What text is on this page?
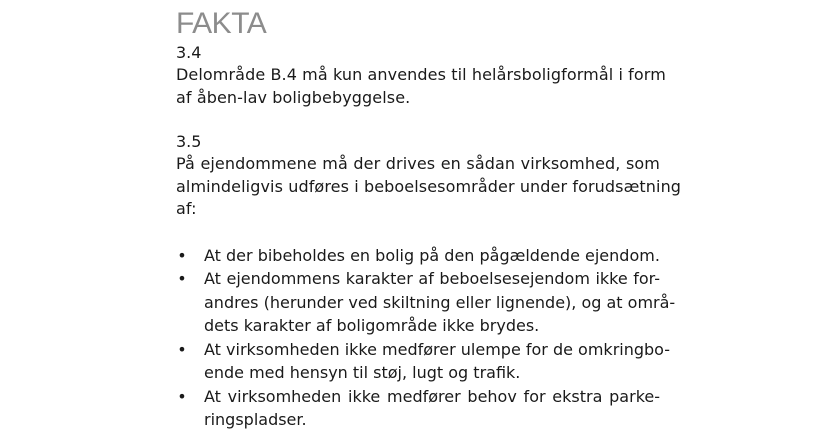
FAKTA
3.4
Delområde B.4 må kun anvendes til helårsboligformål i form
af åben-lav boligbebyggelse.
3.5
På ejendommene må der drives en sådan virksomhed, som
almindeligvis udføres i beboelsesområder under forudsætning
af:
• At der bibeholdes en bolig på den pågældende ejendom.
• At ejendommens karakter af beboelsesejendom ikke for-
andres (herunder ved skiltning eller lignende), og at områ-
dets karakter af boligområde ikke brydes.
• At virksomheden ikke medfører ulempe for de omkringbo-
ende med hensyn til støj, lugt og trafik.
• At virksomheden ikke medfører behov for ekstra parke-
ringspladser.
